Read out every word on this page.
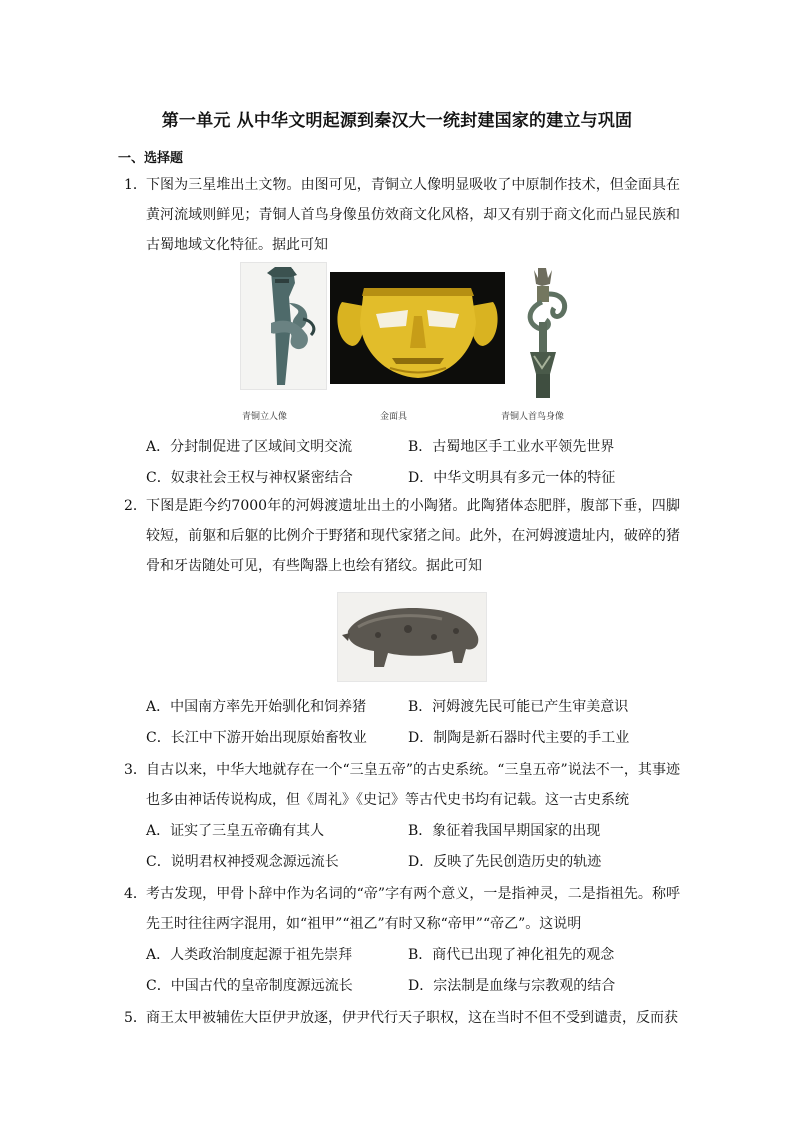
第一单元 从中华文明起源到秦汉大一统封建国家的建立与巩固
一、选择题
1． 下图为三星堆出土文物。由图可见，青铜立人像明显吸收了中原制作技术，但金面具在黄河流域则鲜见；青铜人首鸟身像虽仿效商文化风格，却又有别于商文化而凸显民族和古蜀地域文化特征。据此可知
青铜立人像	金面具	青铜人首鸟身像
A．分封制促进了区域间文明交流	B．古蜀地区手工业水平领先世界
C．奴隶社会王权与神权紧密结合	D．中华文明具有多元一体的特征
2． 下图是距今约7000年的河姆渡遗址出土的小陶猪。此陶猪体态肥胖，腹部下垂，四脚较短，前躯和后躯的比例介于野猪和现代家猪之间。此外，在河姆渡遗址内，破碎的猪骨和牙齿随处可见，有些陶器上也绘有猪纹。据此可知
A．中国南方率先开始驯化和饲养猪	B．河姆渡先民可能已产生审美意识
C．长江中下游开始出现原始畜牧业	D．制陶是新石器时代主要的手工业
3． 自古以来，中华大地就存在一个“三皇五帝”的古史系统。“三皇五帝”说法不一，其事迹也多由神话传说构成，但《周礼》《史记》等古代史书均有记载。这一古史系统
A．证实了三皇五帝确有其人	B．象征着我国早期国家的出现
C．说明君权神授观念源远流长	D．反映了先民创造历史的轨迹
4． 考古发现，甲骨卜辞中作为名词的“帝”字有两个意义，一是指神灵，二是指祖先。称呼先王时往往两字混用，如“祖甲”“祖乙”有时又称“帝甲”“帝乙”。这说明
A．人类政治制度起源于祖先崇拜	B．商代已出现了神化祖先的观念
C．中国古代的皇帝制度源远流长	D．宗法制是血缘与宗教观的结合
5． 商王太甲被辅佐大臣伊尹放逐，伊尹代行天子职权，这在当时不但不受到谴责，反而获
